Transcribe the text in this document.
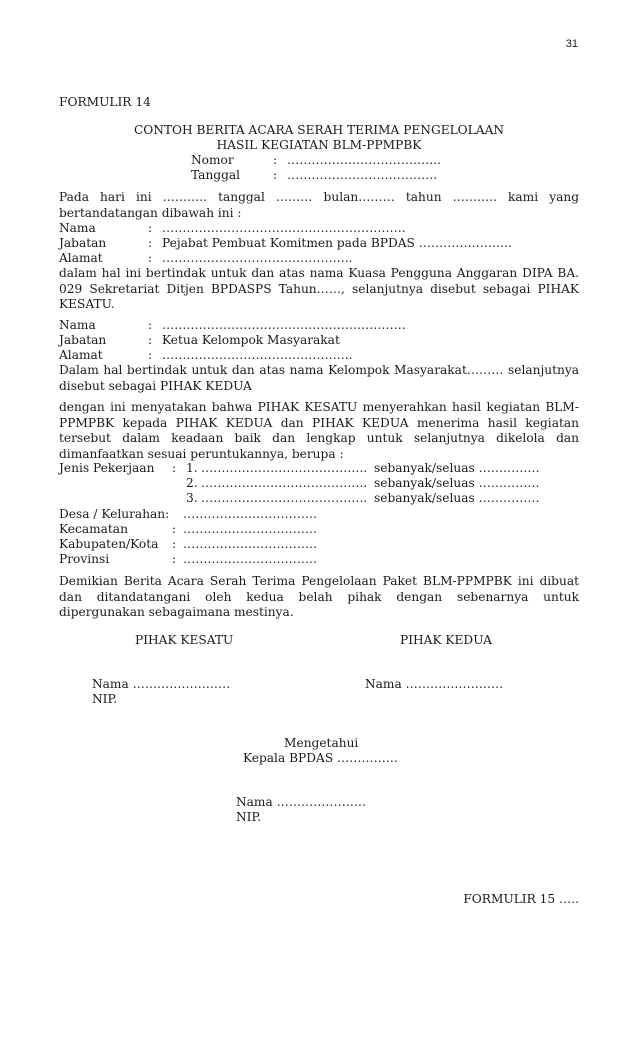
31
FORMULIR 14
CONTOH BERITA ACARA SERAH TERIMA PENGELOLAAN
HASIL KEGIATAN BLM-PPMPBK
Nomor	: ………………………………..
Tanggal	: ……………………………….
Pada hari ini ……….. tanggal ……… bulan……… tahun ……….. kami yang bertandatangan dibawah ini :
Nama	: ……………………………………………………
Jabatan	: Pejabat Pembuat Komitmen pada BPDAS …………………..
Alamat	: ………………………………………..
dalam hal ini bertindak untuk dan atas nama Kuasa Pengguna Anggaran DIPA BA. 029 Sekretariat Ditjen BPDASPS Tahun……, selanjutnya disebut sebagai PIHAK KESATU.
Nama	: ……………………………………………………
Jabatan	: Ketua Kelompok Masyarakat
Alamat	: ………………………………………..
Dalam hal bertindak untuk dan atas nama Kelompok Masyarakat……… selanjutnya disebut sebagai PIHAK KEDUA
dengan ini menyatakan bahwa PIHAK KESATU menyerahkan hasil kegiatan BLM-PPMPBK kepada PIHAK KEDUA dan PIHAK KEDUA menerima hasil kegiatan tersebut dalam keadaan baik dan lengkap untuk selanjutnya dikelola dan dimanfaatkan sesuai peruntukannya, berupa :
Jenis Pekerjaan : 1. ………………………………….. sebanyak/seluas ……………
2. ………………………………….. sebanyak/seluas ……………
3. ………………………………….. sebanyak/seluas ……………
Desa / Kelurahan: ……………………………
Kecamatan	: ……………………………
Kabupaten/Kota : ……………………………
Provinsi	: ……………………………
Demikian Berita Acara Serah Terima Pengelolaan Paket BLM-PPMPBK ini dibuat dan ditandatangani oleh kedua belah pihak dengan sebenarnya untuk dipergunakan sebagaimana mestinya.
PIHAK KESATU	PIHAK KEDUA
Nama ……………………
NIP.
Nama ……………………
Mengetahui
Kepala BPDAS ……………
Nama ………………….
NIP.
FORMULIR 15 …..
